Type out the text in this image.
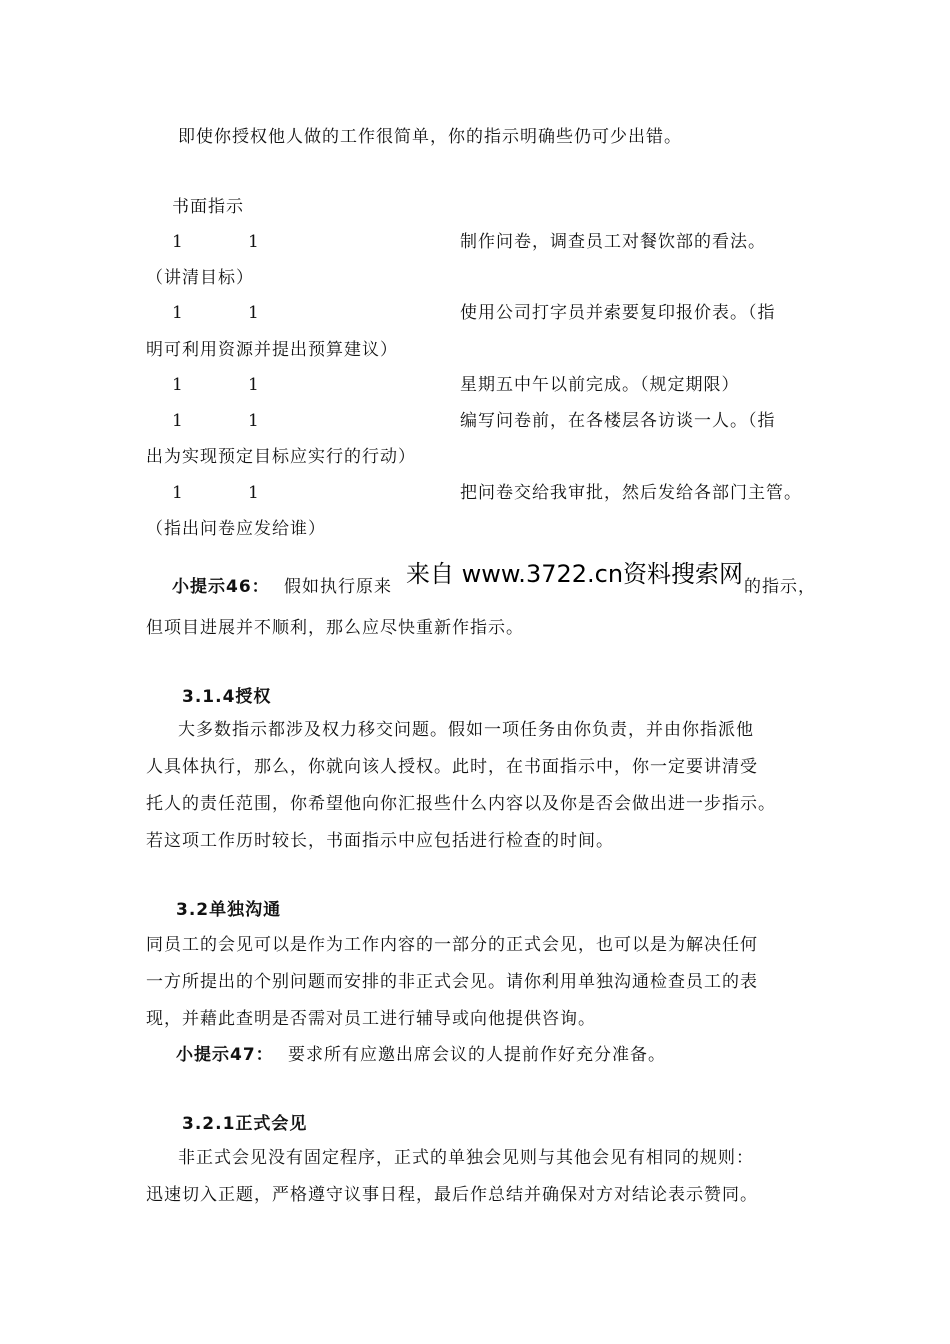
即使你授权他人做的工作很简单，你的指示明确些仍可少出错。
书面指示
1	1	制作问卷，调查员工对餐饮部的看法。
（讲清目标）
1	1	使用公司打字员并索要复印报价表。（指
明可利用资源并提出预算建议）
1	1	星期五中午以前完成。（规定期限）
1	1	编写问卷前，在各楼层各访谈一人。（指
出为实现预定目标应实行的行动）
1	1	把问卷交给我审批，然后发给各部门主管。
（指出问卷应发给谁）
小提示46： 假如执行原来 来自 www.3722.cn资料搜索网 的指示，
但项目进展并不顺利，那么应尽快重新作指示。
3.1.4授权
大多数指示都涉及权力移交问题。假如一项任务由你负责，并由你指派他
人具体执行，那么，你就向该人授权。此时，在书面指示中，你一定要讲清受
托人的责任范围，你希望他向你汇报些什么内容以及你是否会做出进一步指示。
若这项工作历时较长，书面指示中应包括进行检查的时间。
3.2单独沟通
同员工的会见可以是作为工作内容的一部分的正式会见，也可以是为解决任何
一方所提出的个别问题而安排的非正式会见。请你利用单独沟通检查员工的表
现，并藉此查明是否需对员工进行辅导或向他提供咨询。
小提示47： 要求所有应邀出席会议的人提前作好充分准备。
3.2.1正式会见
非正式会见没有固定程序，正式的单独会见则与其他会见有相同的规则：
迅速切入正题，严格遵守议事日程，最后作总结并确保对方对结论表示赞同。
